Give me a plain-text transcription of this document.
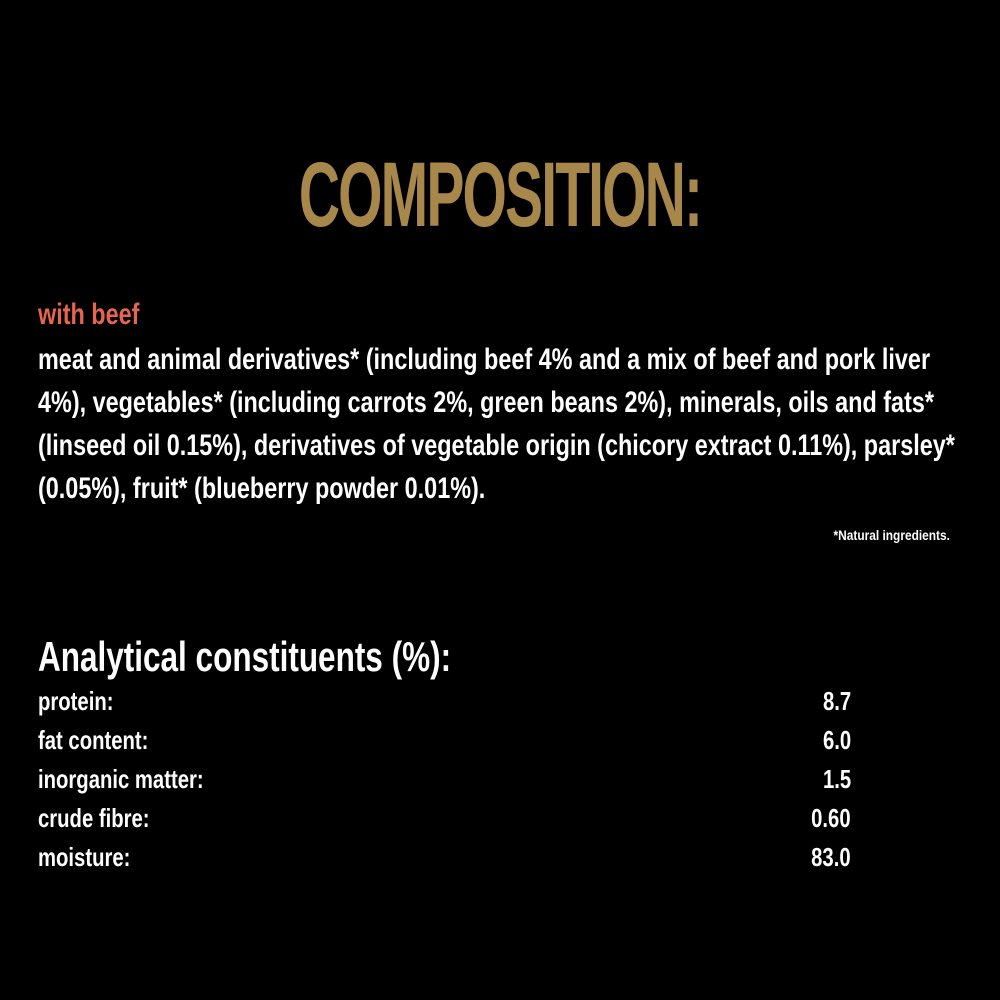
COMPOSITION:
with beef
meat and animal derivatives* (including beef 4% and a mix of beef and pork liver 4%), vegetables* (including carrots 2%, green beans 2%), minerals, oils and fats* (linseed oil 0.15%), derivatives of vegetable origin (chicory extract 0.11%), parsley* (0.05%), fruit* (blueberry powder 0.01%).
*Natural ingredients.
Analytical constituents (%):
protein:	8.7
fat content:	6.0
inorganic matter:	1.5
crude fibre:	0.60
moisture:	83.0
